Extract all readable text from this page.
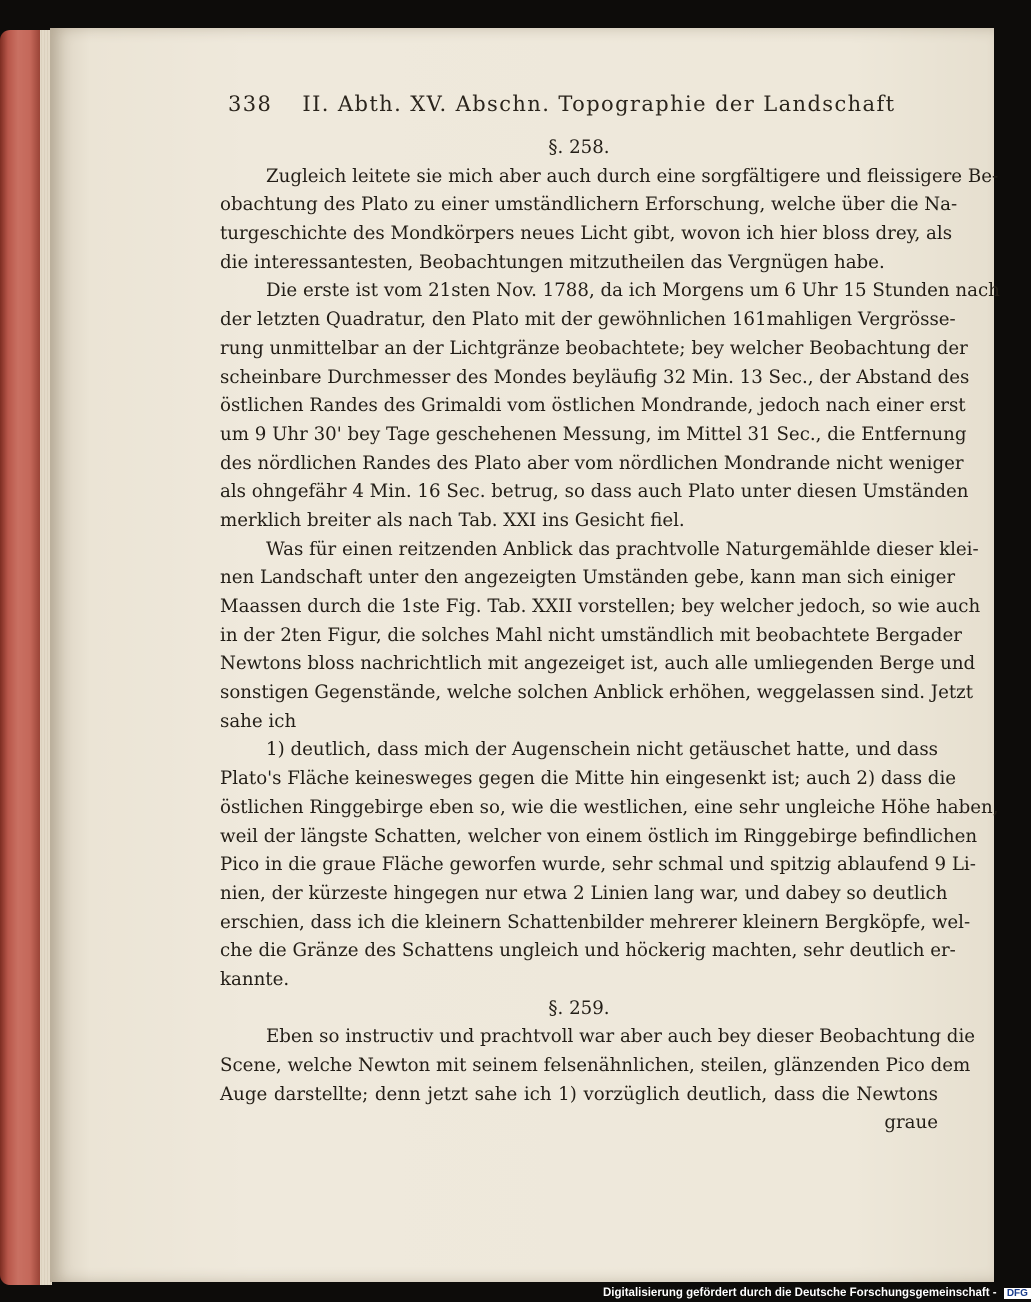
338 II. Abth. XV. Abschn. Topographie der Landschaft
§. 258.
Zugleich leitete sie mich aber auch durch eine sorgfältigere und fleissigere Be-
obachtung des Plato zu einer umständlichern Erforschung, welche über die Na-
turgeschichte des Mondkörpers neues Licht gibt, wovon ich hier bloss drey, als
die interessantesten, Beobachtungen mitzutheilen das Vergnügen habe.
Die erste ist vom 21sten Nov. 1788, da ich Morgens um 6 Uhr 15 Stunden nach
der letzten Quadratur, den Plato mit der gewöhnlichen 161mahligen Vergrösse-
rung unmittelbar an der Lichtgränze beobachtete; bey welcher Beobachtung der
scheinbare Durchmesser des Mondes beyläufig 32 Min. 13 Sec., der Abstand des
östlichen Randes des Grimaldi vom östlichen Mondrande, jedoch nach einer erst
um 9 Uhr 30' bey Tage geschehenen Messung, im Mittel 31 Sec., die Entfernung
des nördlichen Randes des Plato aber vom nördlichen Mondrande nicht weniger
als ohngefähr 4 Min. 16 Sec. betrug, so dass auch Plato unter diesen Umständen
merklich breiter als nach Tab. XXI ins Gesicht fiel.
Was für einen reitzenden Anblick das prachtvolle Naturgemählde dieser klei-
nen Landschaft unter den angezeigten Umständen gebe, kann man sich einiger
Maassen durch die 1ste Fig. Tab. XXII vorstellen; bey welcher jedoch, so wie auch
in der 2ten Figur, die solches Mahl nicht umständlich mit beobachtete Bergader
Newtons bloss nachrichtlich mit angezeiget ist, auch alle umliegenden Berge und
sonstigen Gegenstände, welche solchen Anblick erhöhen, weggelassen sind. Jetzt
sahe ich
1) deutlich, dass mich der Augenschein nicht getäuschet hatte, und dass
Plato's Fläche keinesweges gegen die Mitte hin eingesenkt ist; auch 2) dass die
östlichen Ringgebirge eben so, wie die westlichen, eine sehr ungleiche Höhe haben,
weil der längste Schatten, welcher von einem östlich im Ringgebirge befindlichen
Pico in die graue Fläche geworfen wurde, sehr schmal und spitzig ablaufend 9 Li-
nien, der kürzeste hingegen nur etwa 2 Linien lang war, und dabey so deutlich
erschien, dass ich die kleinern Schattenbilder mehrerer kleinern Bergköpfe, wel-
che die Gränze des Schattens ungleich und höckerig machten, sehr deutlich er-
kannte.
§. 259.
Eben so instructiv und prachtvoll war aber auch bey dieser Beobachtung die
Scene, welche Newton mit seinem felsenähnlichen, steilen, glänzenden Pico dem
Auge darstellte; denn jetzt sahe ich 1) vorzüglich deutlich, dass die Newtons
graue
Digitalisierung gefördert durch die Deutsche Forschungsgemeinschaft - DFG
